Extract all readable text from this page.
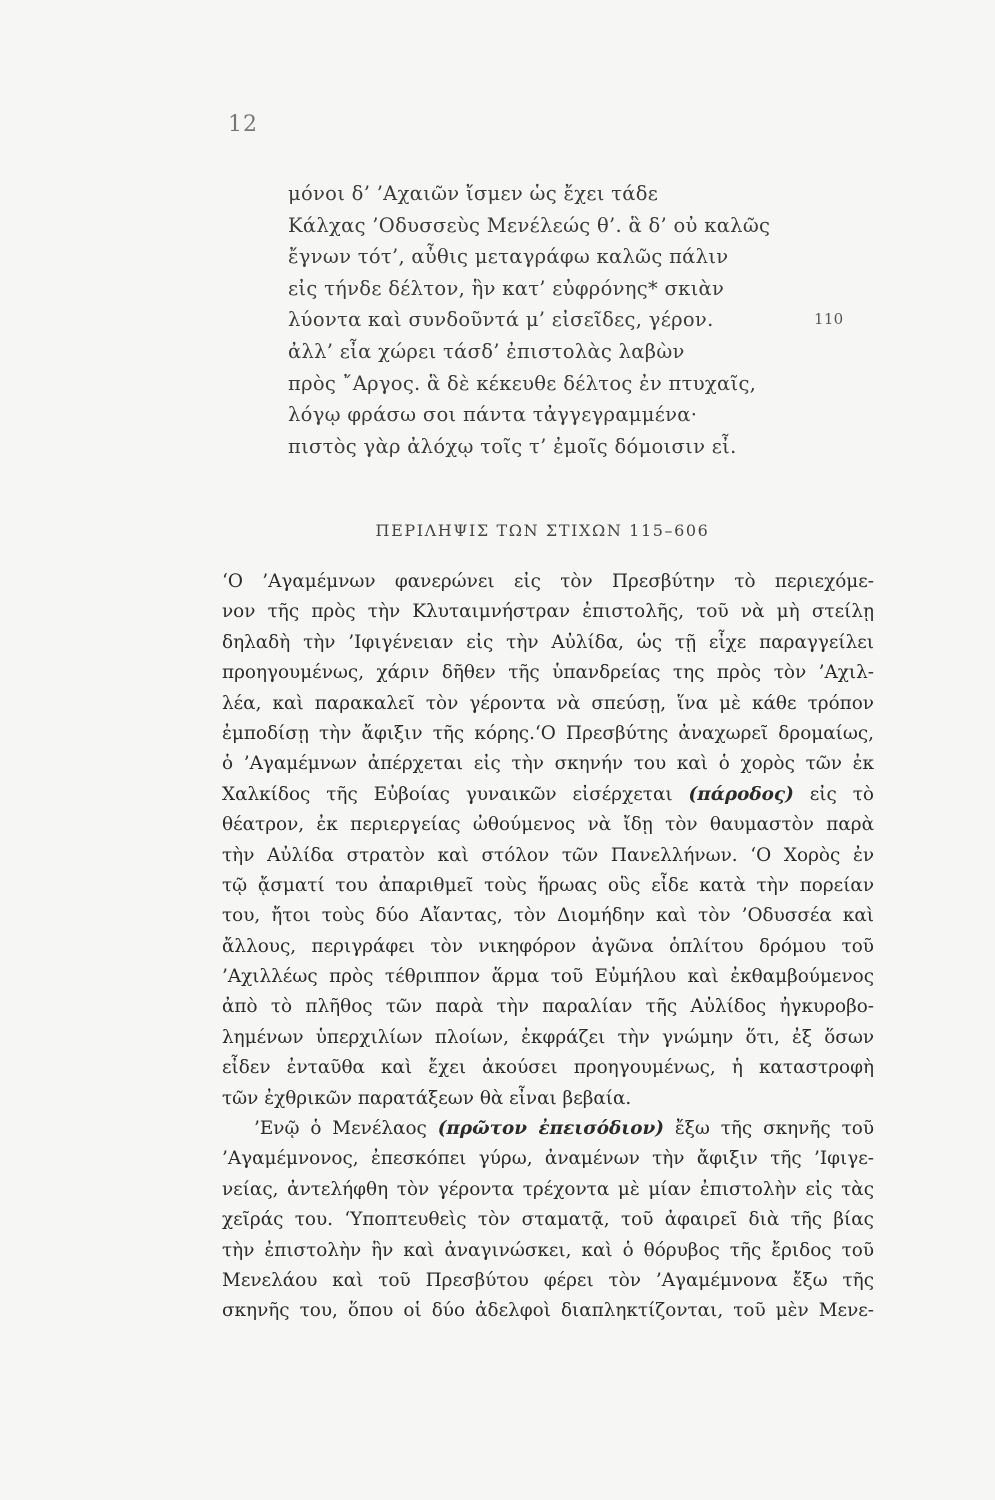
12
μόνοι δ’ ’Αχαιῶν ἴσμεν ὡς ἔχει τάδε
Κάλχας ’Οδυσσεὺς Μενέλεώς θ’. ἃ δ’ οὐ καλῶς
ἔγνων τότ’, αὖθις μεταγράφω καλῶς πάλιν
εἰς τήνδε δέλτον, ἣν κατ’ εὐφρόνης* σκιὰν
λύοντα καὶ συνδοῦντά μ’ εἰσεῖδες, γέρον.	110
ἀλλ’ εἶα χώρει τάσδ’ ἐπιστολὰς λαβὼν
πρὸς ῎Αργος. ἃ δὲ κέκευθε δέλτος ἐν πτυχαῖς,
λόγῳ φράσω σοι πάντα τἀγγεγραμμένα·
πιστὸς γὰρ ἀλόχῳ τοῖς τ’ ἐμοῖς δόμοισιν εἶ.
ΠΕΡΙΛΗΨΙΣ ΤΩΝ ΣΤΙΧΩΝ 115–606
‘Ο ’Αγαμέμνων φανερώνει εἰς τὸν Πρεσβύτην τὸ περιεχόμε-
νον τῆς πρὸς τὴν Κλυταιμνήστραν ἐπιστολῆς, τοῦ νὰ μὴ στείλῃ
δηλαδὴ τὴν ’Ιφιγένειαν εἰς τὴν Αὐλίδα, ὡς τῇ εἶχε παραγγείλει
προηγουμένως, χάριν δῆθεν τῆς ὑπανδρείας της πρὸς τὸν ’Αχιλ-
λέα, καὶ παρακαλεῖ τὸν γέροντα νὰ σπεύσῃ, ἵνα μὲ κάθε τρόπον
ἐμποδίσῃ τὴν ἄφιξιν τῆς κόρης.‘Ο Πρεσβύτης ἀναχωρεῖ δρομαίως,
ὁ ’Αγαμέμνων ἀπέρχεται εἰς τὴν σκηνήν του καὶ ὁ χορὸς τῶν ἐκ
Χαλκίδος τῆς Εὐβοίας γυναικῶν εἰσέρχεται (πάροδος) εἰς τὸ
θέατρον, ἐκ περιεργείας ὠθούμενος νὰ ἴδῃ τὸν θαυμαστὸν παρὰ
τὴν Αὐλίδα στρατὸν καὶ στόλον τῶν Πανελλήνων. ‘Ο Χορὸς ἐν
τῷ ᾄσματί του ἀπαριθμεῖ τοὺς ἥρωας οὓς εἶδε κατὰ τὴν πορείαν
του, ἤτοι τοὺς δύο Αἴαντας, τὸν Διομήδην καὶ τὸν ’Οδυσσέα καὶ
ἄλλους, περιγράφει τὸν νικηφόρον ἀγῶνα ὁπλίτου δρόμου τοῦ
’Αχιλλέως πρὸς τέθριππον ἅρμα τοῦ Εὐμήλου καὶ ἐκθαμβούμενος
ἀπὸ τὸ πλῆθος τῶν παρὰ τὴν παραλίαν τῆς Αὐλίδος ἠγκυροβο-
λημένων ὑπερχιλίων πλοίων, ἐκφράζει τὴν γνώμην ὅτι, ἐξ ὅσων
εἶδεν ἐνταῦθα καὶ ἔχει ἀκούσει προηγουμένως, ἡ καταστροφὴ
τῶν ἐχθρικῶν παρατάξεων θὰ εἶναι βεβαία.
’Ενῷ ὁ Μενέλαος (πρῶτον ἐπεισόδιον) ἔξω τῆς σκηνῆς τοῦ
’Αγαμέμνονος, ἐπεσκόπει γύρω, ἀναμένων τὴν ἄφιξιν τῆς ’Ιφιγε-
νείας, ἀντελήφθη τὸν γέροντα τρέχοντα μὲ μίαν ἐπιστολὴν εἰς τὰς
χεῖράς του. ‘Υποπτευθεὶς τὸν σταματᾷ, τοῦ ἀφαιρεῖ διὰ τῆς βίας
τὴν ἐπιστολὴν ἣν καὶ ἀναγινώσκει, καὶ ὁ θόρυβος τῆς ἔριδος τοῦ
Μενελάου καὶ τοῦ Πρεσβύτου φέρει τὸν ’Αγαμέμνονα ἔξω τῆς
σκηνῆς του, ὅπου οἱ δύο ἀδελφοὶ διαπληκτίζονται, τοῦ μὲν Μενε-
